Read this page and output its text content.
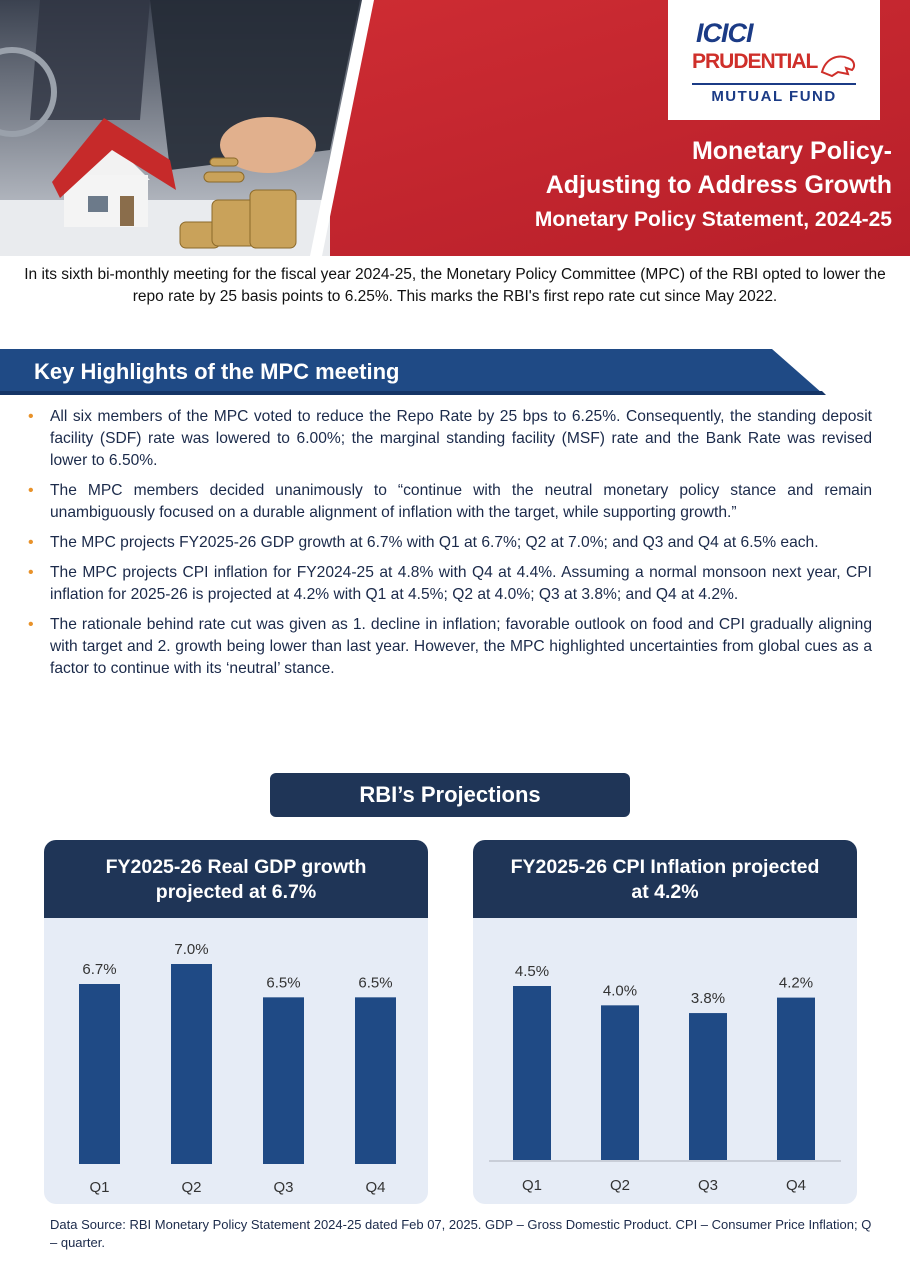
ICICI
PRUDENTIAL
MUTUAL FUND
Monetary Policy-
Adjusting to Address Growth
Monetary Policy Statement, 2024-25

In its sixth bi-monthly meeting for the fiscal year 2024-25, the Monetary Policy Committee (MPC) of the RBI opted to lower the repo rate by 25 basis points to 6.25%. This marks the RBI's first repo rate cut since May 2022.

Key Highlights of the MPC meeting
• All six members of the MPC voted to reduce the Repo Rate by 25 bps to 6.25%. Consequently, the standing deposit facility (SDF) rate was lowered to 6.00%; the marginal standing facility (MSF) rate and the Bank Rate was revised lower to 6.50%.
• The MPC members decided unanimously to “continue with the neutral monetary policy stance and remain unambiguously focused on a durable alignment of inflation with the target, while supporting growth.”
• The MPC projects FY2025-26 GDP growth at 6.7% with Q1 at 6.7%; Q2 at 7.0%; and Q3 and Q4 at 6.5% each.
• The MPC projects CPI inflation for FY2024-25 at 4.8% with Q4 at 4.4%. Assuming a normal monsoon next year, CPI inflation for 2025-26 is projected at 4.2% with Q1 at 4.5%; Q2 at 4.0%; Q3 at 3.8%; and Q4 at 4.2%.
• The rationale behind rate cut was given as 1. decline in inflation; favorable outlook on food and CPI gradually aligning with target and 2. growth being lower than last year. However, the MPC highlighted uncertainties from global cues as a factor to continue with its ‘neutral’ stance.
RBI’s Projections
FY2025-26 Real GDP growth
projected at 6.7%
6.7%
Q1
7.0%
Q2
6.5%
Q3
6.5%
Q4
FY2025-26 CPI Inflation projected
at 4.2%
4.5%
Q1
4.0%
Q2
3.8%
Q3
4.2%
Q4

Data Source: RBI Monetary Policy Statement 2024-25 dated Feb 07, 2025. GDP – Gross Domestic Product. CPI – Consumer Price Inflation; Q – quarter.
